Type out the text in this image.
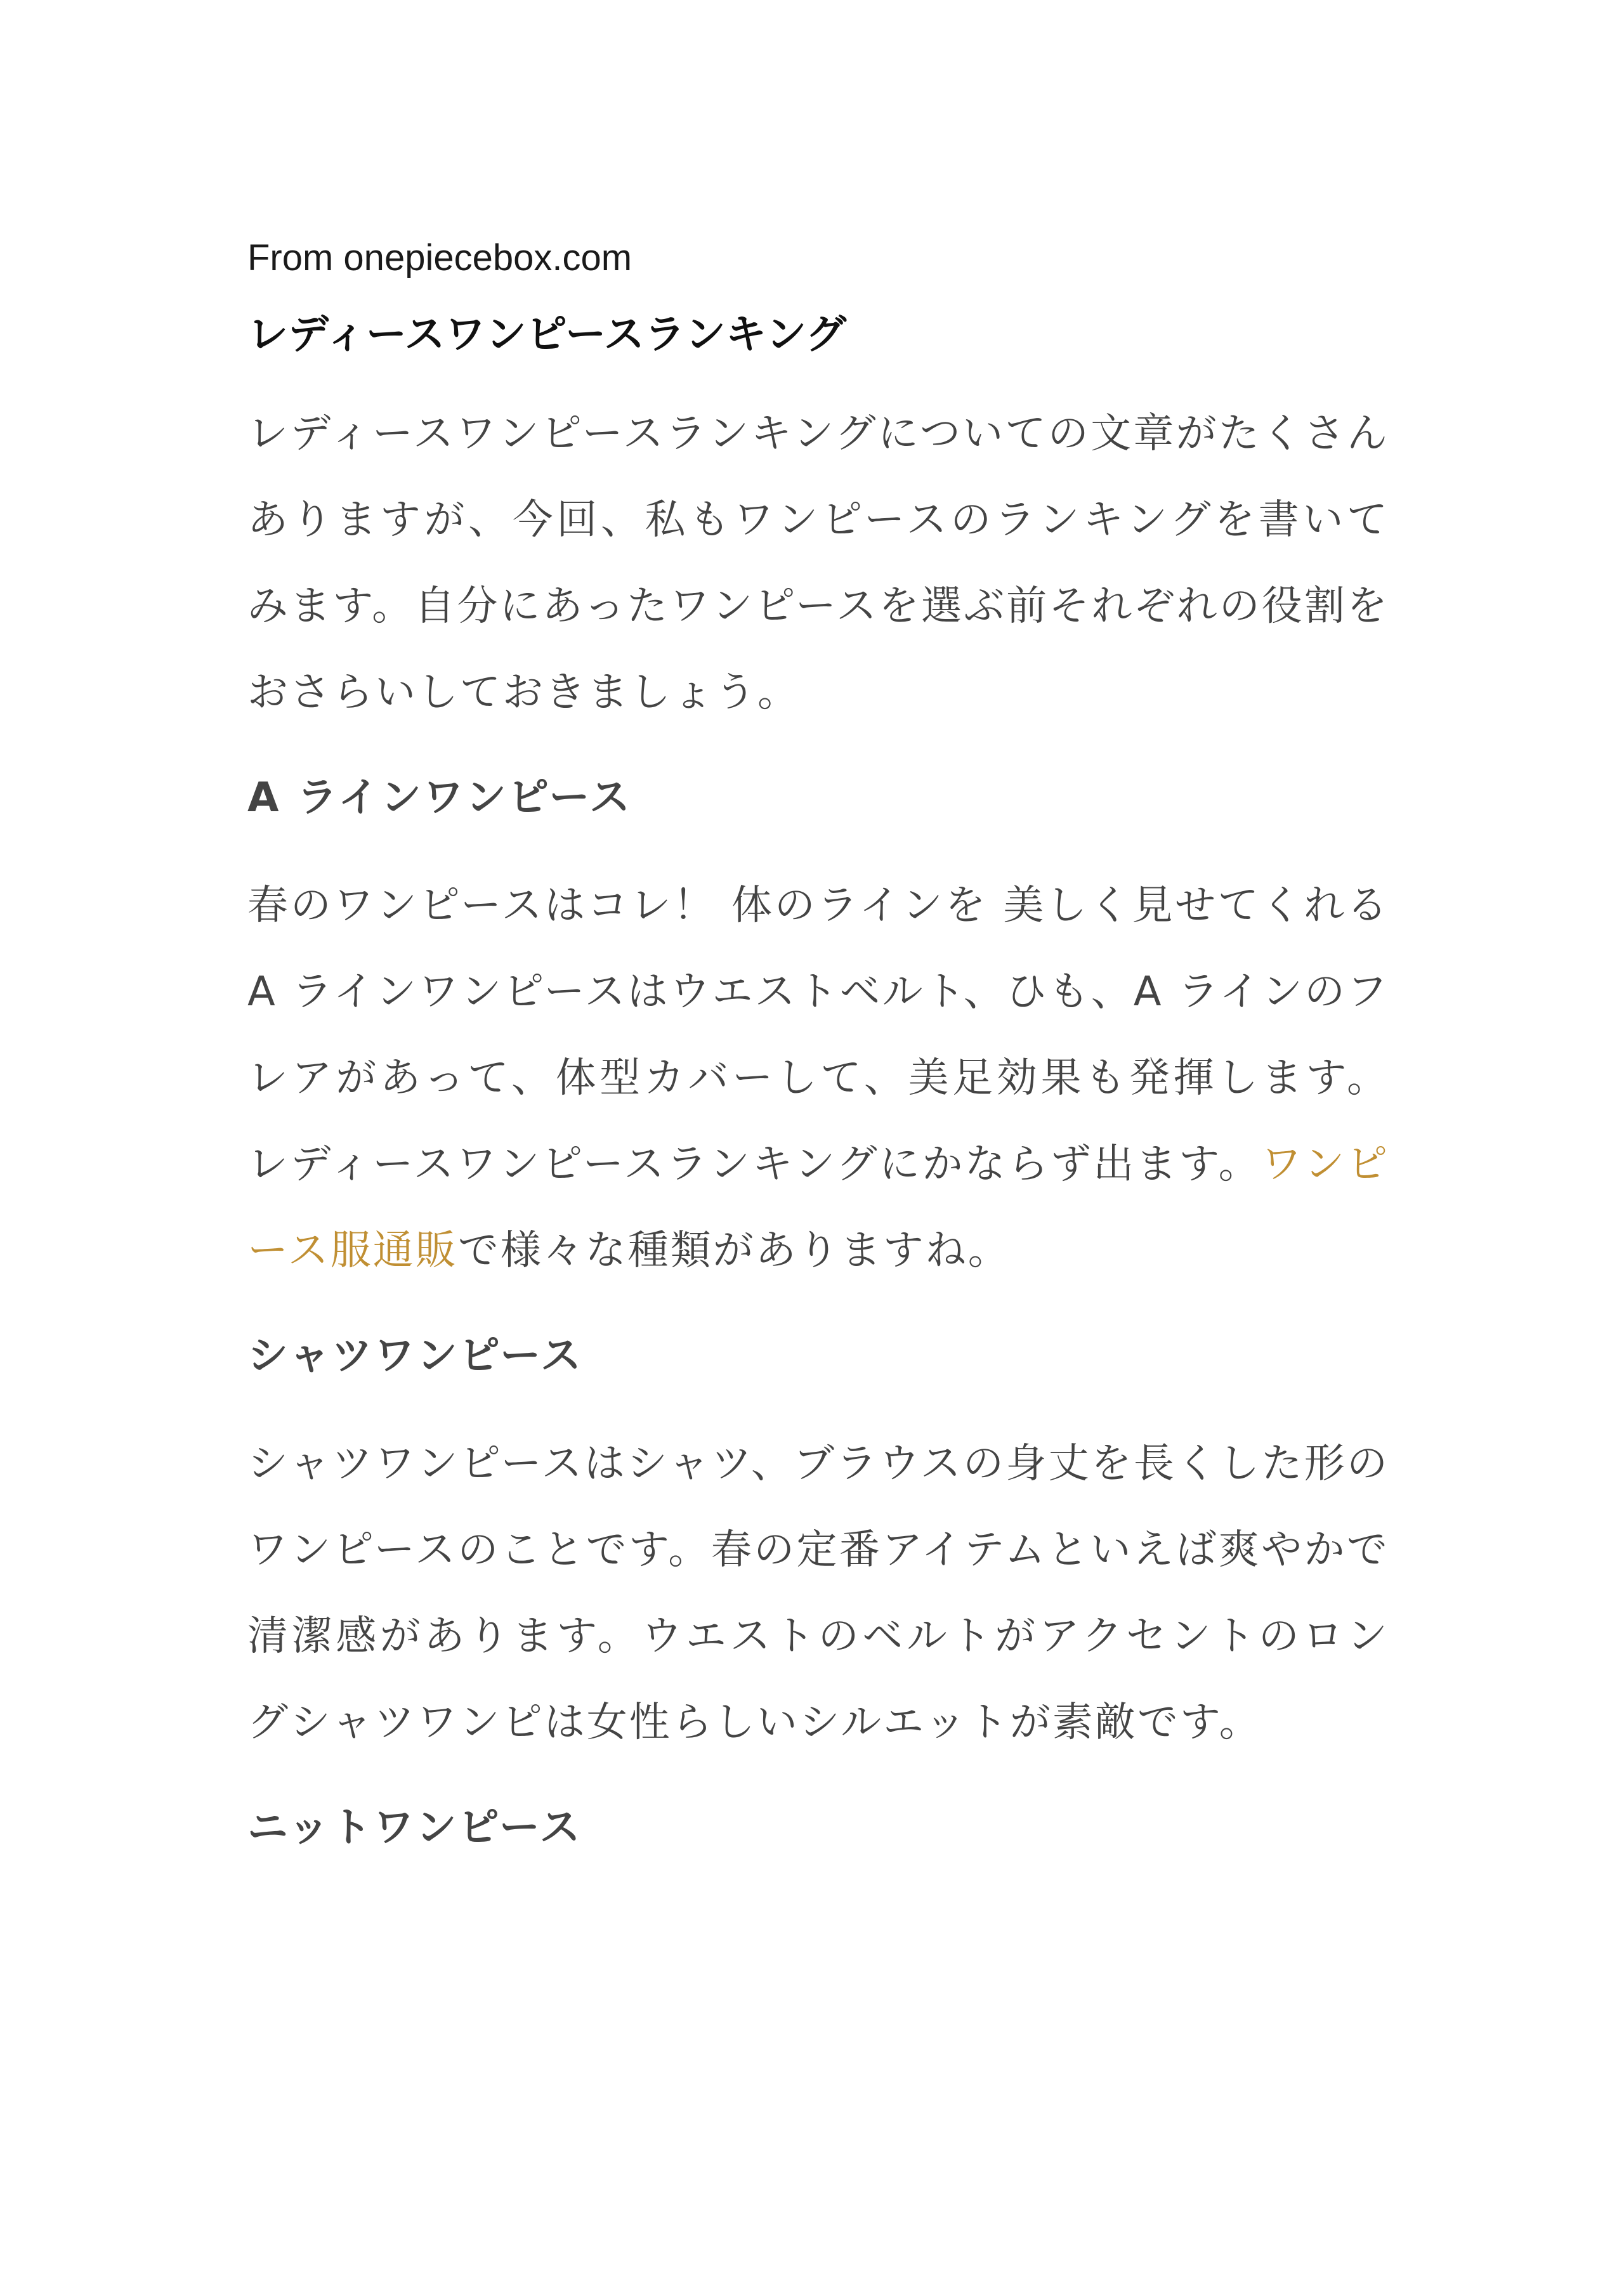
From onepiecebox.com

レディースワンピースランキング

レディースワンピースランキングについての文章がたくさんありますが、今回、私もワンピースのランキングを書いてみます。自分にあったワンピースを選ぶ前それぞれの役割をおさらいしておきましょう。

A ラインワンピース

春のワンピースはコレ！ 体のラインを 美しく見せてくれる A ラインワンピースはウエストベルト、ひも、A ラインのフレアがあって、体型カバーして、美足効果も発揮します。レディースワンピースランキングにかならず出ます。ワンピース服通販で様々な種類がありますね。

シャツワンピース

シャツワンピースはシャツ、ブラウスの身丈を長くした形のワンピースのことです。春の定番アイテムといえば爽やかで清潔感があります。ウエストのベルトがアクセントのロングシャツワンピは女性らしいシルエットが素敵です。

ニットワンピース
